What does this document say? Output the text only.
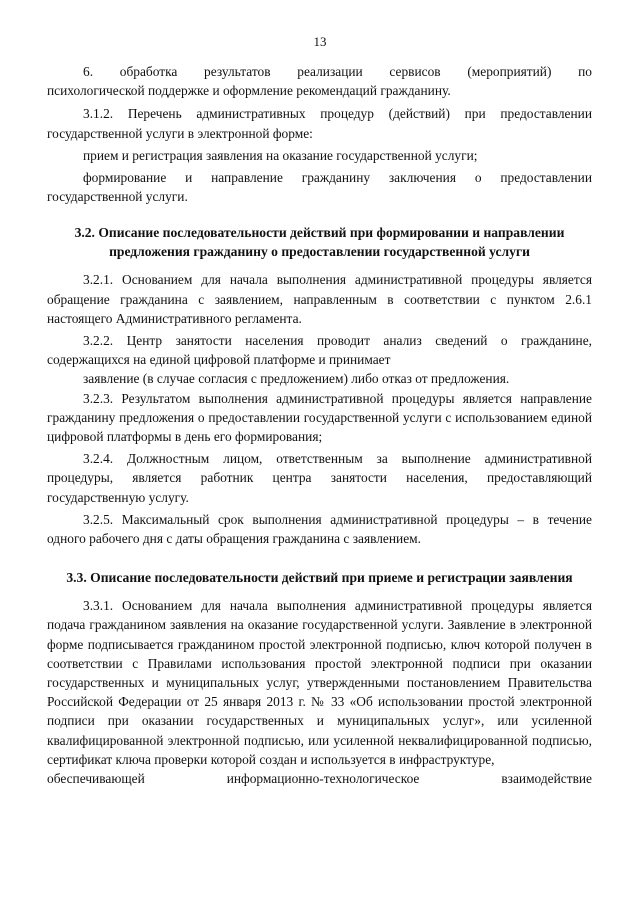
13
6. обработка результатов реализации сервисов (мероприятий) по

психологической поддержке и оформление рекомендаций гражданину.

3.1.2. Перечень административных процедур (действий) при предоставлении государственной услуги в электронной форме:

прием и регистрация заявления на оказание государственной услуги;

формирование и направление гражданину заключения о предоставлении государственной услуги.

3.2. Описание последовательности действий при формировании и направлении предложения гражданину о предоставлении государственной услуги

3.2.1. Основанием для начала выполнения административной процедуры является обращение гражданина с заявлением, направленным в соответствии с пунктом 2.6.1 настоящего Административного регламента.

3.2.2. Центр занятости населения проводит анализ сведений о гражданине, содержащихся на единой цифровой платформе и принимает

заявление (в случае согласия с предложением) либо отказ от предложения.

3.2.3. Результатом выполнения административной процедуры является направление гражданину предложения о предоставлении государственной услуги с использованием единой цифровой платформы в день его формирования;

3.2.4. Должностным лицом, ответственным за выполнение административной процедуры, является работник центра занятости населения, предоставляющий государственную услугу.

3.2.5. Максимальный срок выполнения административной процедуры – в течение одного рабочего дня с даты обращения гражданина с заявлением.

3.3. Описание последовательности действий при приеме и регистрации заявления

3.3.1. Основанием для начала выполнения административной процедуры является подача гражданином заявления на оказание государственной услуги. Заявление в электронной форме подписывается гражданином простой электронной подписью, ключ которой получен в соответствии с Правилами использования простой электронной подписи при оказании государственных и муниципальных услуг, утвержденными постановлением Правительства Российской Федерации от 25 января 2013 г. № 33 «Об использовании простой электронной подписи при оказании государственных и муниципальных услуг», или усиленной квалифицированной электронной подписью, или усиленной неквалифицированной подписью, сертификат ключа проверки которой создан и используется в инфраструктуре,

обеспечивающей	информационно-технологическое	взаимодействие
